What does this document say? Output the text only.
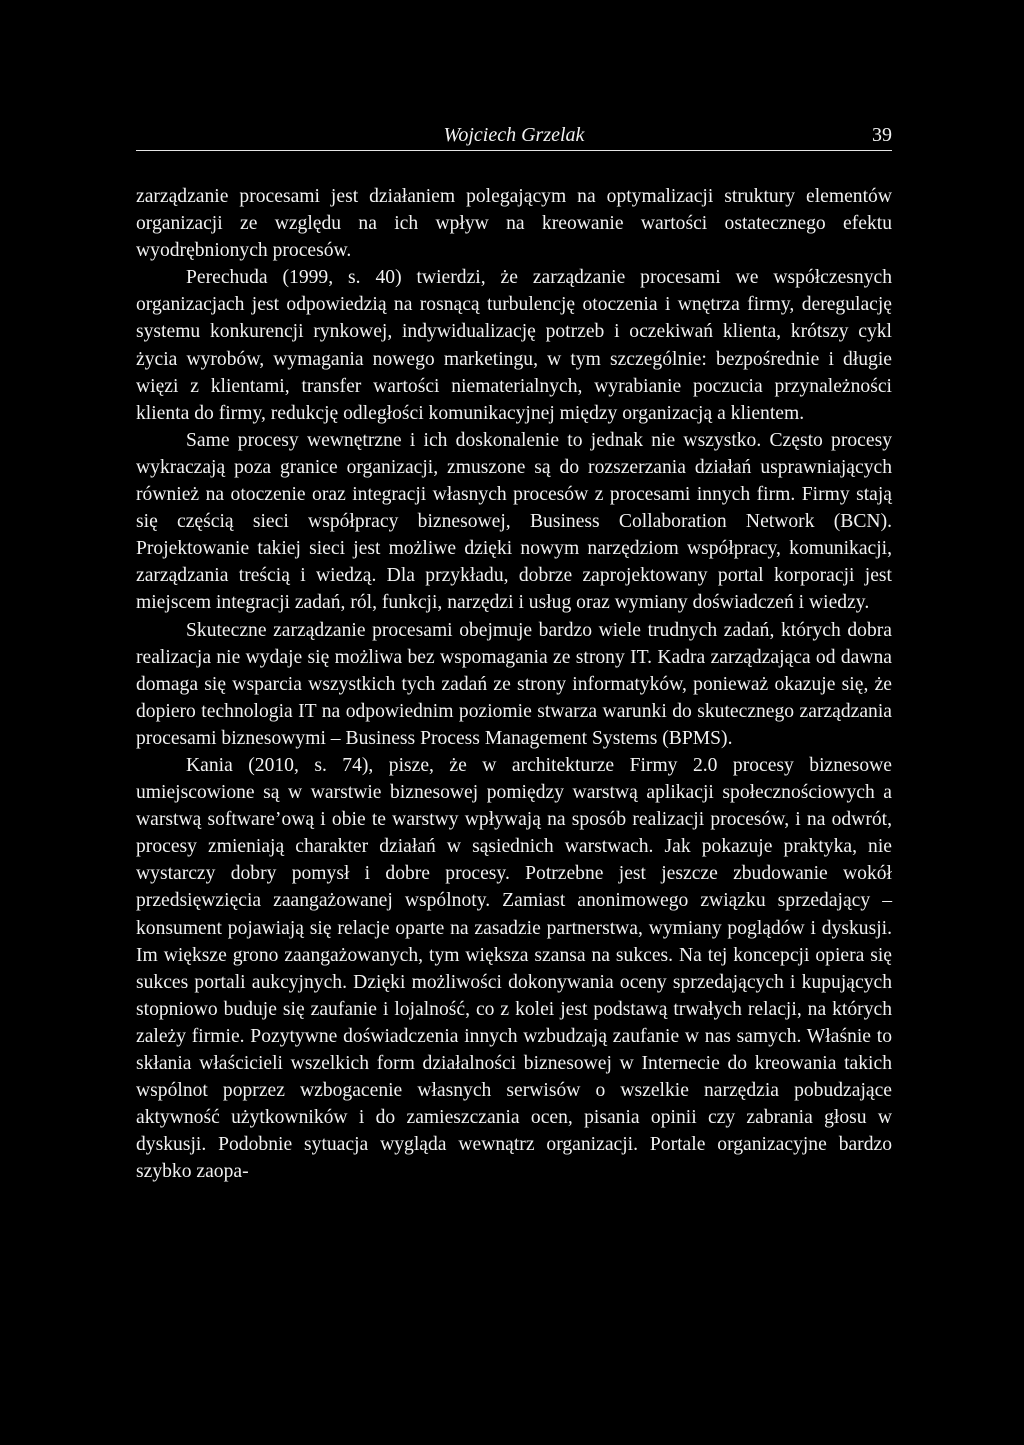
Wojciech Grzelak	39

zarządzanie procesami jest działaniem polegającym na optymalizacji struktury elementów organizacji ze względu na ich wpływ na kreowanie wartości ostatecznego efektu wyodrębnionych procesów.

Perechuda (1999, s. 40) twierdzi, że zarządzanie procesami we współczesnych organizacjach jest odpowiedzią na rosnącą turbulencję otoczenia i wnętrza firmy, deregulację systemu konkurencji rynkowej, indywidualizację potrzeb i oczekiwań klienta, krótszy cykl życia wyrobów, wymagania nowego marketingu, w tym szczególnie: bezpośrednie i długie więzi z klientami, transfer wartości niematerialnych, wyrabianie poczucia przynależności klienta do firmy, redukcję odległości komunikacyjnej między organizacją a klientem.

Same procesy wewnętrzne i ich doskonalenie to jednak nie wszystko. Często procesy wykraczają poza granice organizacji, zmuszone są do rozszerzania działań usprawniających również na otoczenie oraz integracji własnych procesów z procesami innych firm. Firmy stają się częścią sieci współpracy biznesowej, Business Collaboration Network (BCN). Projektowanie takiej sieci jest możliwe dzięki nowym narzędziom współpracy, komunikacji, zarządzania treścią i wiedzą. Dla przykładu, dobrze zaprojektowany portal korporacji jest miejscem integracji zadań, ról, funkcji, narzędzi i usług oraz wymiany doświadczeń i wiedzy.

Skuteczne zarządzanie procesami obejmuje bardzo wiele trudnych zadań, których dobra realizacja nie wydaje się możliwa bez wspomagania ze strony IT. Kadra zarządzająca od dawna domaga się wsparcia wszystkich tych zadań ze strony informatyków, ponieważ okazuje się, że dopiero technologia IT na odpowiednim poziomie stwarza warunki do skutecznego zarządzania procesami biznesowymi – Business Process Management Systems (BPMS).

Kania (2010, s. 74), pisze, że w architekturze Firmy 2.0 procesy biznesowe umiejscowione są w warstwie biznesowej pomiędzy warstwą aplikacji społecznościowych a warstwą software’ową i obie te warstwy wpływają na sposób realizacji procesów, i na odwrót, procesy zmieniają charakter działań w sąsiednich warstwach. Jak pokazuje praktyka, nie wystarczy dobry pomysł i dobre procesy. Potrzebne jest jeszcze zbudowanie wokół przedsięwzięcia zaangażowanej wspólnoty. Zamiast anonimowego związku sprzedający – konsument pojawiają się relacje oparte na zasadzie partnerstwa, wymiany poglądów i dyskusji. Im większe grono zaangażowanych, tym większa szansa na sukces. Na tej koncepcji opiera się sukces portali aukcyjnych. Dzięki możliwości dokonywania oceny sprzedających i kupujących stopniowo buduje się zaufanie i lojalność, co z kolei jest podstawą trwałych relacji, na których zależy firmie. Pozytywne doświadczenia innych wzbudzają zaufanie w nas samych. Właśnie to skłania właścicieli wszelkich form działalności biznesowej w Internecie do kreowania takich wspólnot poprzez wzbogacenie własnych serwisów o wszelkie narzędzia pobudzające aktywność użytkowników i do zamieszczania ocen, pisania opinii czy zabrania głosu w dyskusji. Podobnie sytuacja wygląda wewnątrz organizacji. Portale organizacyjne bardzo szybko zaopa-
